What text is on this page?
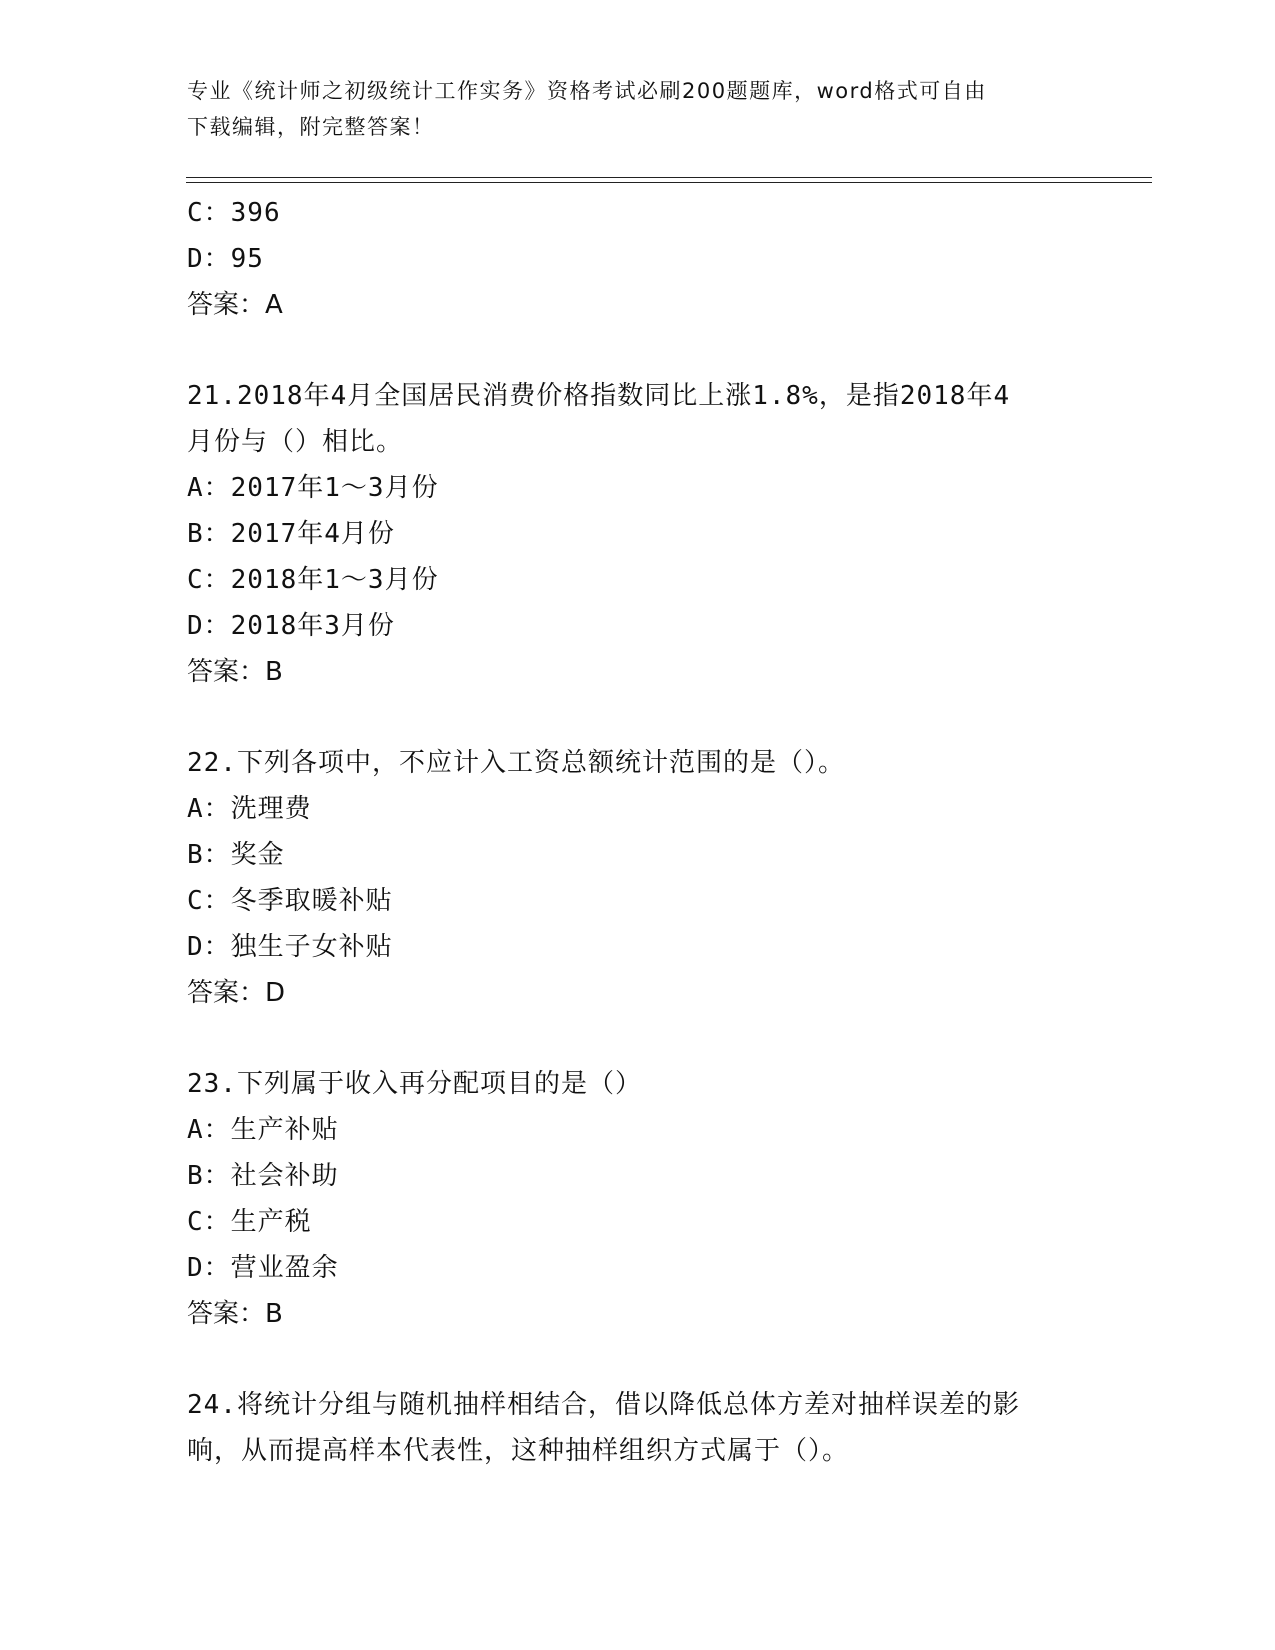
专业《统计师之初级统计工作实务》资格考试必刷200题题库，word格式可自由
下载编辑，附完整答案！
C：396
D：95
答案：A
21.2018年4月全国居民消费价格指数同比上涨1.8%，是指2018年4
月份与（）相比。
A：2017年1～3月份
B：2017年4月份
C：2018年1～3月份
D：2018年3月份
答案：B
22.下列各项中，不应计入工资总额统计范围的是（）。
A：洗理费
B：奖金
C：冬季取暖补贴
D：独生子女补贴
答案：D
23.下列属于收入再分配项目的是（）
A：生产补贴
B：社会补助
C：生产税
D：营业盈余
答案：B
24.将统计分组与随机抽样相结合，借以降低总体方差对抽样误差的影
响，从而提高样本代表性，这种抽样组织方式属于（）。
